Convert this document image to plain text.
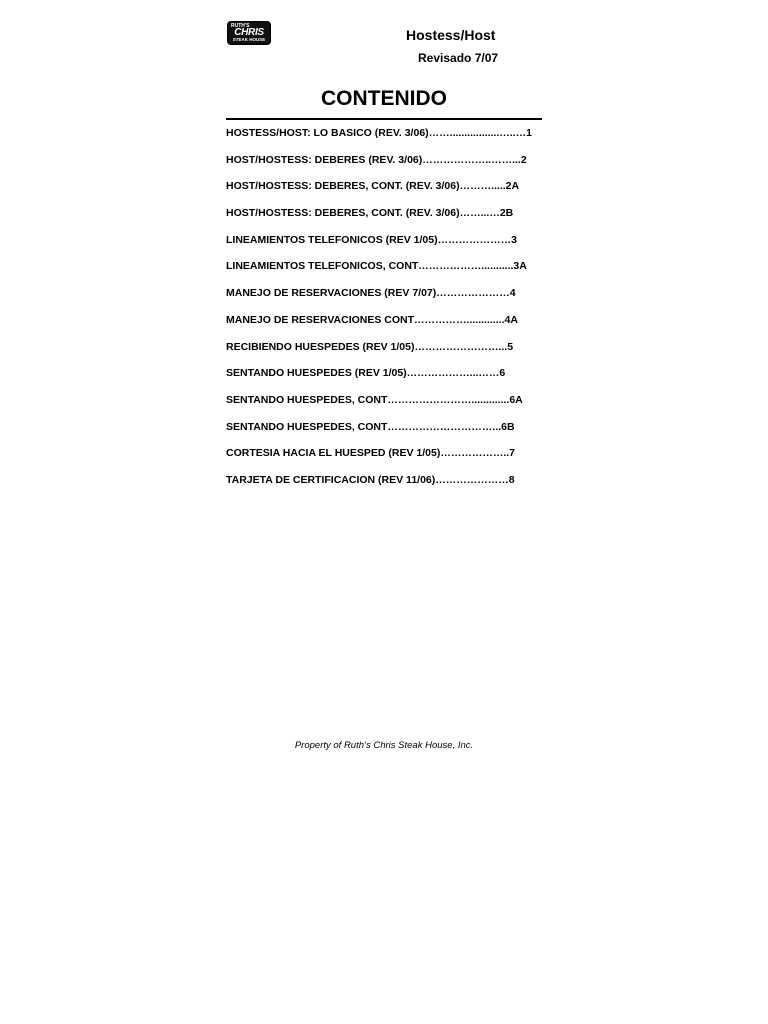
RUTH'S
CHRIS
STEAK HOUSE	Hostess/Host
Revisado 7/07
CONTENIDO
HOSTESS/HOST: LO BASICO (REV. 3/06)…….................…..…1
HOST/HOSTESS: DEBERES (REV. 3/06)………………..……...2
HOST/HOSTESS: DEBERES, CONT. (REV. 3/06)……….....2A
HOST/HOSTESS: DEBERES, CONT. (REV. 3/06)……...…2B
LINEAMIENTOS TELEFONICOS (REV 1/05)…………………3
LINEAMIENTOS TELEFONICOS, CONT………………...........3A
MANEJO DE RESERVACIONES (REV 7/07)…………………4
MANEJO DE RESERVACIONES CONT…………….............4A
RECIBIENDO HUESPEDES (REV 1/05)……………………...5
SENTANDO HUESPEDES (REV 1/05)………………...……6
SENTANDO HUESPEDES, CONT…………………….............6A
SENTANDO HUESPEDES, CONT…………………………...6B
CORTESIA HACIA EL HUESPED (REV 1/05)………………..7
TARJETA DE CERTIFICACION (REV 11/06)…………………8
Property of Ruth’s Chris Steak House, Inc.
